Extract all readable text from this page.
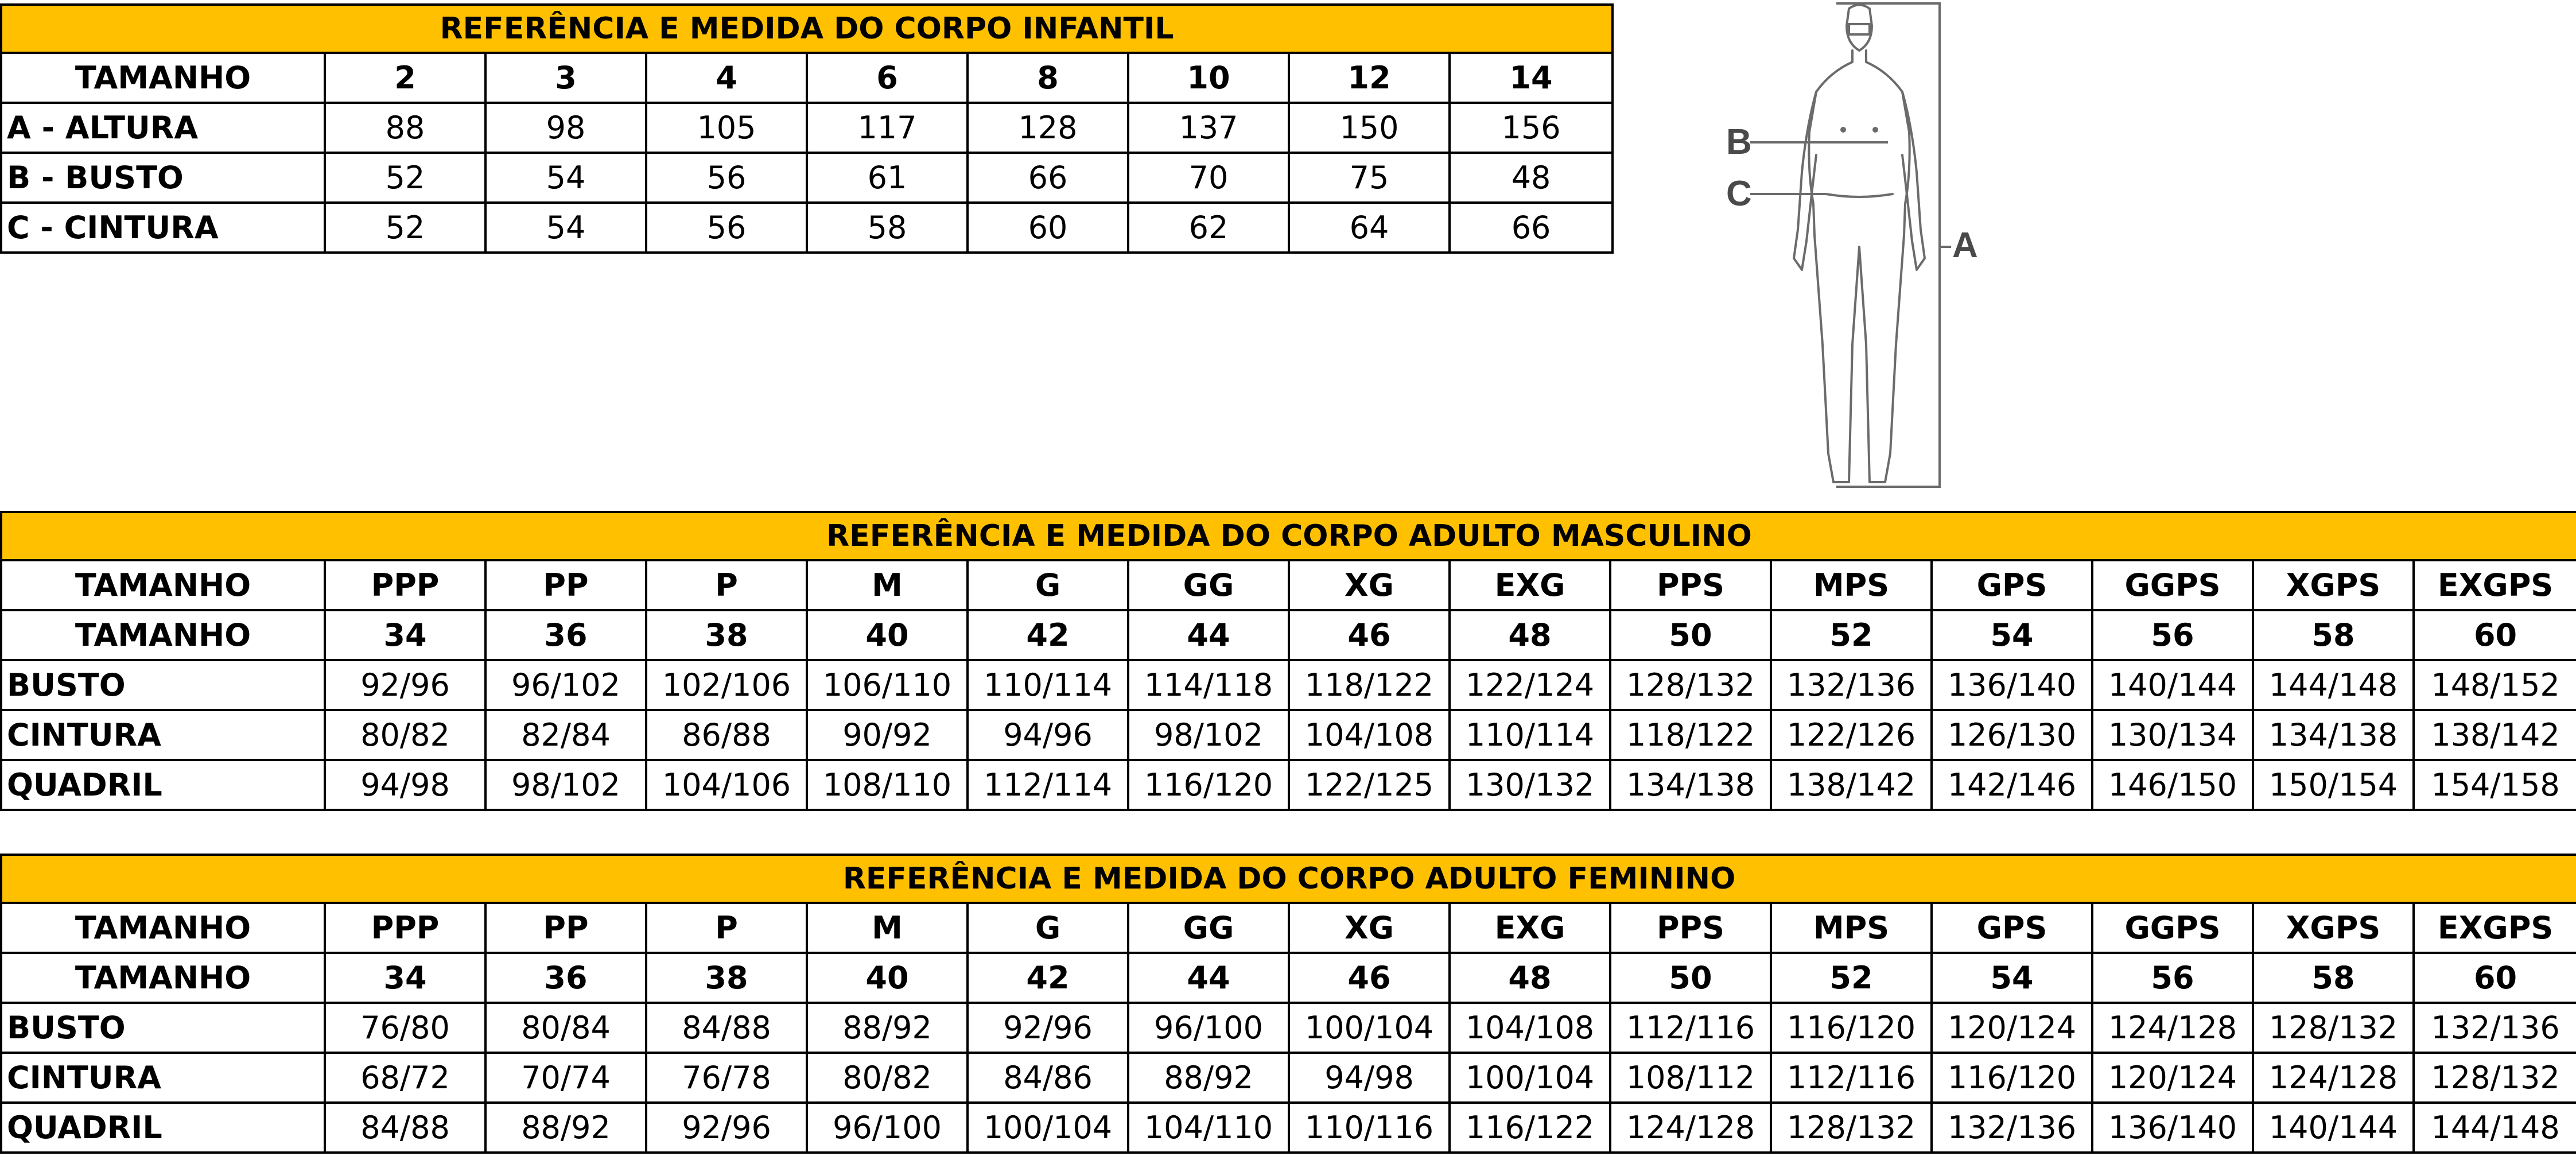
REFERÊNCIA E MEDIDA DO CORPO INFANTIL								
TAMANHO	2	3	4	6	8	10	12	14
A - ALTURA	88	98	105	117	128	137	150	156
B - BUSTO	52	54	56	61	66	70	75	48
C - CINTURA	52	54	56	58	60	62	64	66	A
B
C
REFERÊNCIA E MEDIDA DO CORPO ADULTO MASCULINO														
TAMANHO	PPP	PP	P	M	G	GG	XG	EXG	PPS	MPS	GPS	GGPS	XGPS	EXGPS
TAMANHO	34	36	38	40	42	44	46	48	50	52	54	56	58	60
BUSTO	92/96	96/102	102/106	106/110	110/114	114/118	118/122	122/124	128/132	132/136	136/140	140/144	144/148	148/152
CINTURA	80/82	82/84	86/88	90/92	94/96	98/102	104/108	110/114	118/122	122/126	126/130	130/134	134/138	138/142
QUADRIL	94/98	98/102	104/106	108/110	112/114	116/120	122/125	130/132	134/138	138/142	142/146	146/150	150/154	154/158
REFERÊNCIA E MEDIDA DO CORPO ADULTO FEMININO														
TAMANHO	PPP	PP	P	M	G	GG	XG	EXG	PPS	MPS	GPS	GGPS	XGPS	EXGPS
TAMANHO	34	36	38	40	42	44	46	48	50	52	54	56	58	60
BUSTO	76/80	80/84	84/88	88/92	92/96	96/100	100/104	104/108	112/116	116/120	120/124	124/128	128/132	132/136
CINTURA	68/72	70/74	76/78	80/82	84/86	88/92	94/98	100/104	108/112	112/116	116/120	120/124	124/128	128/132
QUADRIL	84/88	88/92	92/96	96/100	100/104	104/110	110/116	116/122	124/128	128/132	132/136	136/140	140/144	144/148
